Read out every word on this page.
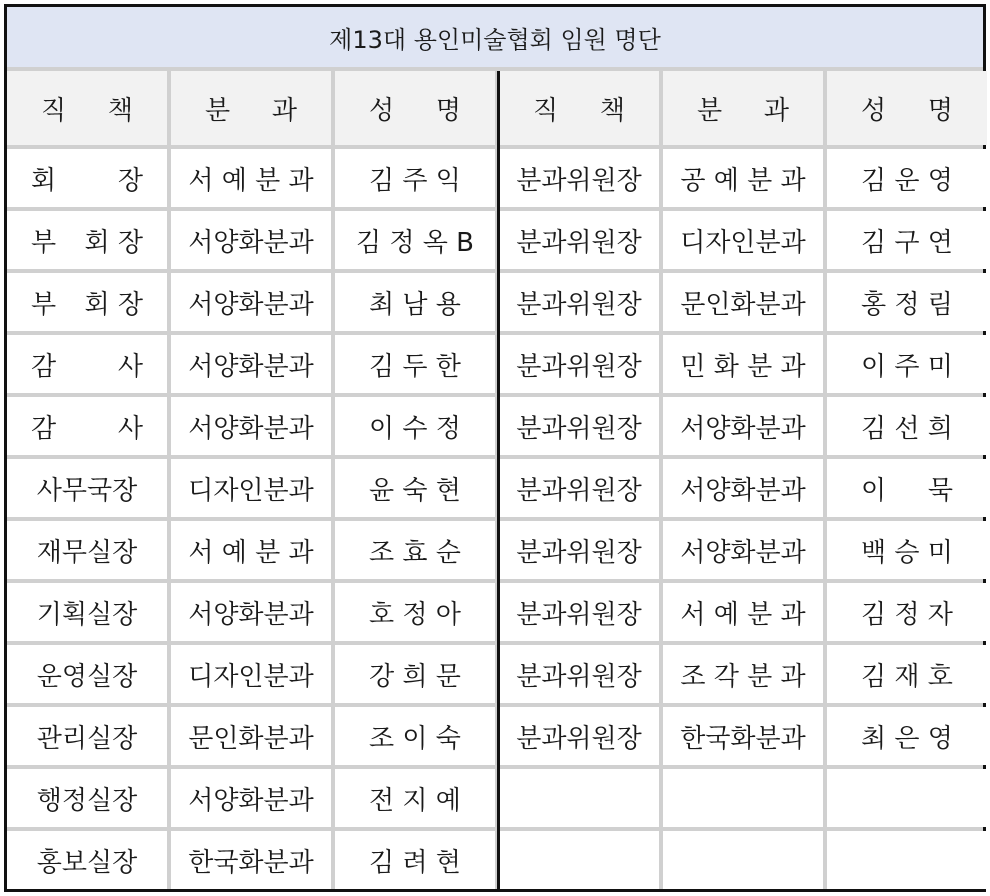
제13대 용인미술협회 임원 명단
직 책	분 과	성 명	직 책	분 과	성 명
회 장	서 예 분 과	김 주 익	분과위원장	공 예 분 과	김 운 영
부 회 장	서양화분과	김 정 옥 B	분과위원장	디자인분과	김 구 연
부 회 장	서양화분과	최 남 용	분과위원장	문인화분과	홍 정 림
감 사	서양화분과	김 두 한	분과위원장	민 화 분 과	이 주 미
감 사	서양화분과	이 수 정	분과위원장	서양화분과	김 선 희
사무국장	디자인분과	윤 숙 현	분과위원장	서양화분과	이 묵
재무실장	서 예 분 과	조 효 순	분과위원장	서양화분과	백 승 미
기획실장	서양화분과	호 정 아	분과위원장	서 예 분 과	김 정 자
운영실장	디자인분과	강 희 문	분과위원장	조 각 분 과	김 재 호
관리실장	문인화분과	조 이 숙	분과위원장	한국화분과	최 은 영
행정실장	서양화분과	전 지 예
홍보실장	한국화분과	김 려 현
